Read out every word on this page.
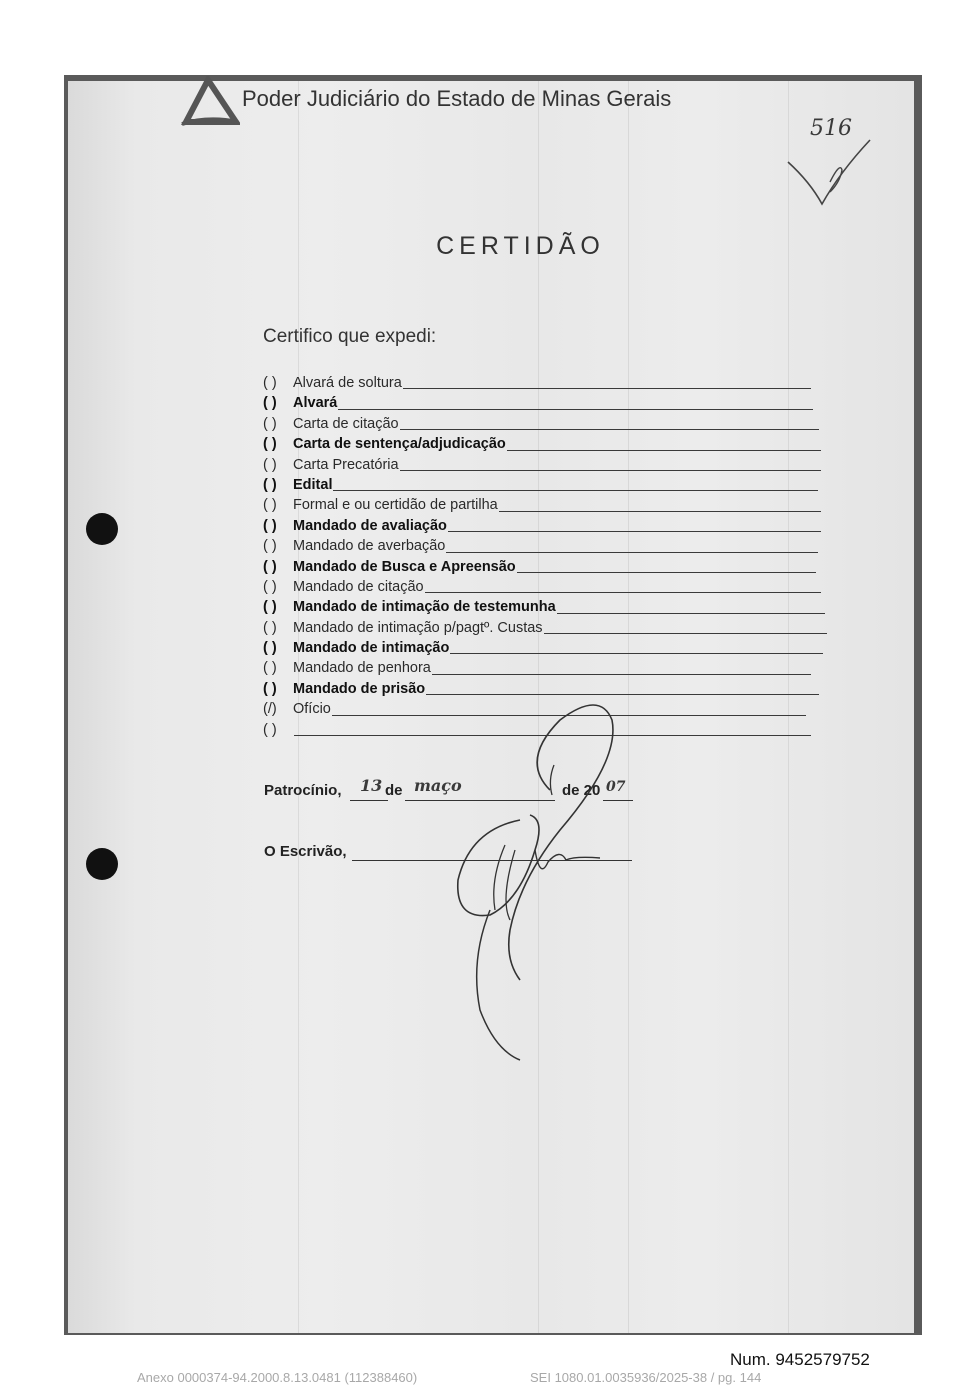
Poder Judiciário do Estado de Minas Gerais
516
CERTIDÃO
Certifico que expedi:
( ) Alvará de soltura
( ) Alvará
( ) Carta de citação
( ) Carta de sentença/adjudicação
( ) Carta Precatória
( ) Edital
( ) Formal e ou certidão de partilha
( ) Mandado de avaliação
( ) Mandado de averbação
( ) Mandado de Busca e Apreensão
( ) Mandado de citação
( ) Mandado de intimação de testemunha
( ) Mandado de intimação p/pagtº. Custas
( ) Mandado de intimação
( ) Mandado de penhora
( ) Mandado de prisão
(/) Ofício
( )
Patrocínio, 13 de maço	de 20 07
O Escrivão,
Num. 9452579752
Anexo 0000374-94.2000.8.13.0481 (112388460)	SEI 1080.01.0035936/2025-38 / pg. 144
